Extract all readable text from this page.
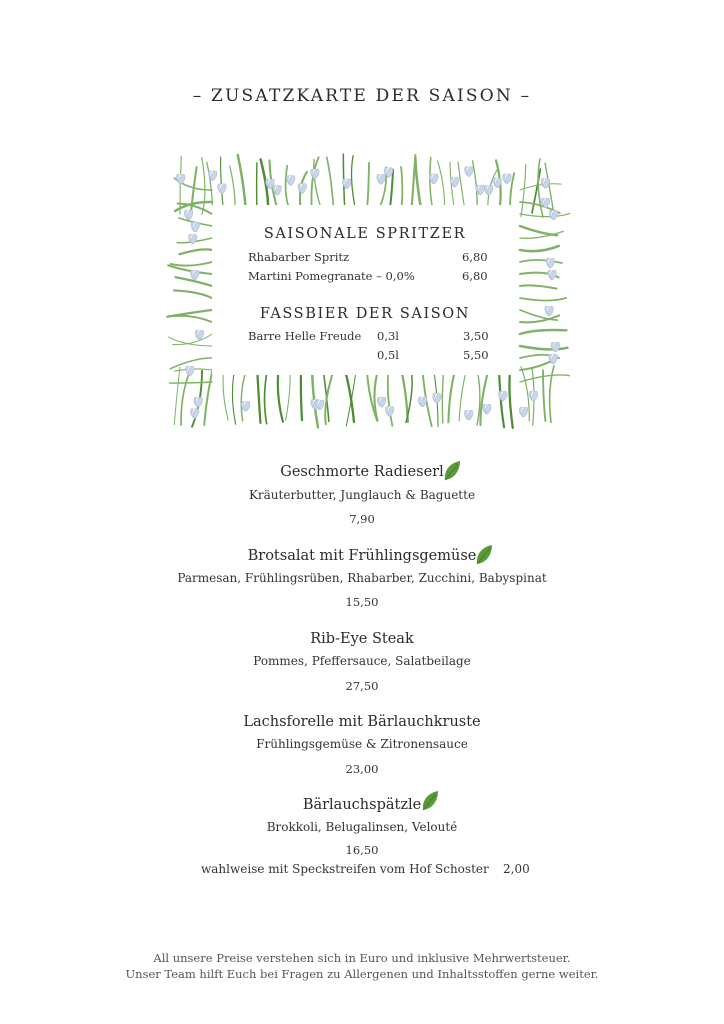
– ZUSATZKARTE DER SAISON –
SAISONALE SPRITZER
Rhabarber Spritz	6,80
Martini Pomegranate – 0,0%	6,80
FASSBIER DER SAISON
Barre Helle Freude 0,3l	3,50
0,5l	5,50
Geschmorte Radieserl
Kräuterbutter, Junglauch & Baguette
7,90
Brotsalat mit Frühlingsgemüse
Parmesan, Frühlingsrüben, Rhabarber, Zucchini, Babyspinat
15,50
Rib-Eye Steak
Pommes, Pfeffersauce, Salatbeilage
27,50
Lachsforelle mit Bärlauchkruste
Frühlingsgemüse & Zitronensauce
23,00
Bärlauchspätzle
Brokkoli, Belugalinsen, Velouté
16,50
wahlweise mit Speckstreifen vom Hof Schoster 2,00
All unsere Preise verstehen sich in Euro und inklusive Mehrwertsteuer.
Unser Team hilft Euch bei Fragen zu Allergenen und Inhaltsstoffen gerne weiter.
